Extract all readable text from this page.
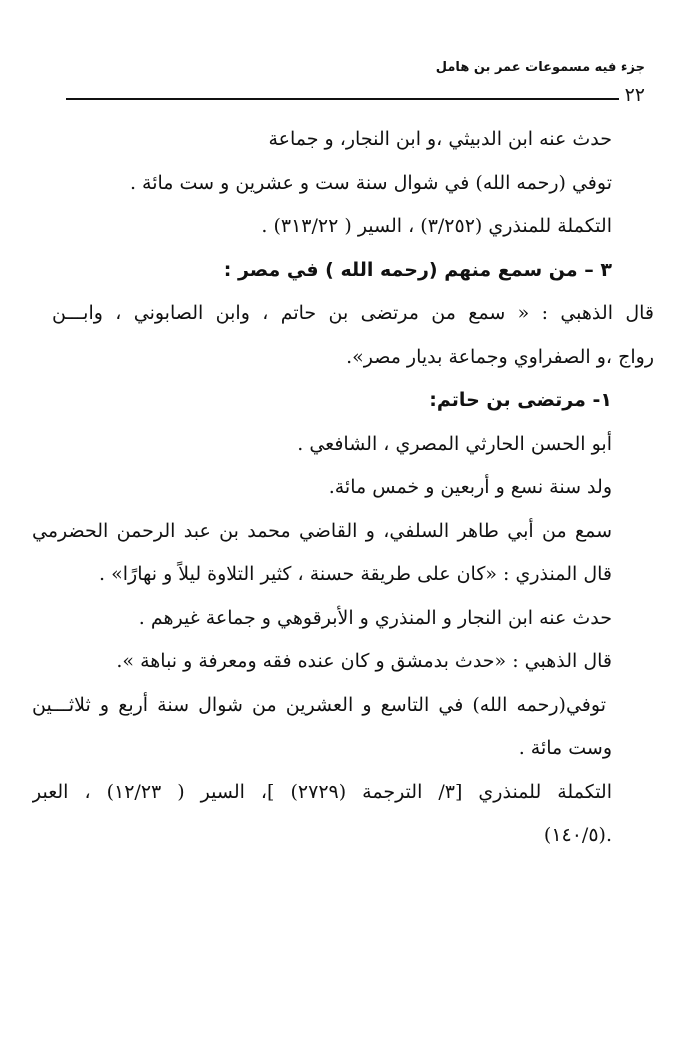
جزء فيه مسموعات عمر بن هامل
٢٢
حدث عنه ابن الدبيثي ،و ابن النجار، و جماعة
توفي (رحمه الله) في شوال سنة ست و عشرين و ست مائة .
التكملة للمنذري (٣/٢٥٢) ، السير ( ٣١٣/٢٢) .
٣ – من سمع منهم (رحمه الله ) في مصر :
قال الذهبي : « سمع من مرتضى بن حاتم ، وابن الصابوني ، وابـــن
رواج ،و الصفراوي وجماعة بديار مصر».
١- مرتضى بن حاتم:
أبو الحسن الحارثي المصري ، الشافعي .
ولد سنة نسع و أربعين و خمس مائة.
سمع من أبي طاهر السلفي، و القاضي محمد بن عبد الرحمن الحضرمي
قال المنذري : «كان على طريقة حسنة ، كثير التلاوة ليلاً و نهارًا» .
حدث عنه ابن النجار و المنذري و الأبرقوهي و جماعة غيرهم .
قال الذهبي : «حدث بدمشق و كان عنده فقه ومعرفة و نباهة ».
توفي(رحمه الله) في التاسع و العشرين من شوال سنة أربع و ثلاثـــين
وست مائة .
التكملة للمنذري [٣/ الترجمة (٢٧٢٩) ]، السير ( ١٢/٢٣) ، العبر
.(١٤٠/٥)
